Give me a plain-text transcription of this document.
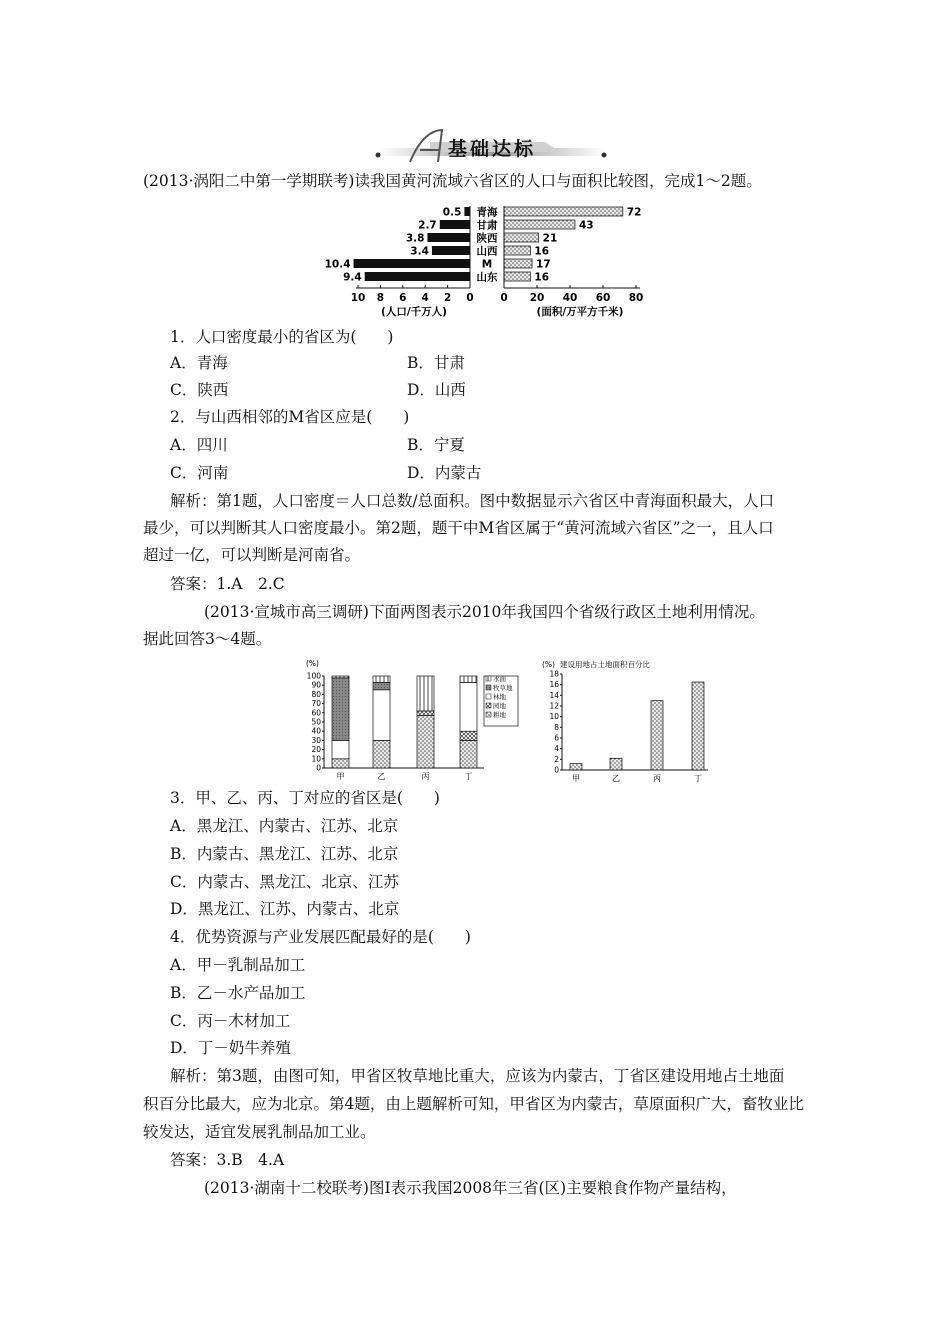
基础达标
(2013·涡阳二中第一学期联考)读我国黄河流域六省区的人口与面积比较图，完成1～2题。
0.5 青海	72
2.7	甘肃	43
3.8	陕西	21
3.4	山西	16
10.4	M	17
9.4	山东	16
10 8 6 4 2 0	0 20 40 60 80
(人口/千万人)	(面积/万平方千米)
1．人口密度最小的省区为(　　)
A．青海	B．甘肃
C．陕西	D．山西
2．与山西相邻的M省区应是(　　)
A．四川	B．宁夏
C．河南	D．内蒙古
解析：第1题，人口密度＝人口总数/总面积。图中数据显示六省区中青海面积最大，人口
最少，可以判断其人口密度最小。第2题，题干中M省区属于“黄河流域六省区”之一，且人口
超过一亿，可以判断是河南省。
答案：1.A　2.C
(2013·宣城市高三调研)下面两图表示2010年我国四个省级行政区土地利用情况。
据此回答3～4题。
(%)
0
10
20
30
40
50
60
70
80
90
100
甲	乙	丙	丁
水面
牧草地
林地
园地
耕地
(%) 建设用地占土地面积百分比
0
2
4
6
8
10
12
14
16
18
甲	乙	丙	丁
3．甲、乙、丙、丁对应的省区是(　　)
A．黑龙江、内蒙古、江苏、北京
B．内蒙古、黑龙江、江苏、北京
C．内蒙古、黑龙江、北京、江苏
D．黑龙江、江苏、内蒙古、北京
4．优势资源与产业发展匹配最好的是(　　)
A．甲－乳制品加工
B．乙－水产品加工
C．丙－木材加工
D．丁－奶牛养殖
解析：第3题，由图可知，甲省区牧草地比重大，应该为内蒙古，丁省区建设用地占土地面
积百分比最大，应为北京。第4题，由上题解析可知，甲省区为内蒙古，草原面积广大，畜牧业比
较发达，适宜发展乳制品加工业。
答案：3.B　4.A
(2013·湖南十二校联考)图Ⅰ表示我国2008年三省(区)主要粮食作物产量结构，
